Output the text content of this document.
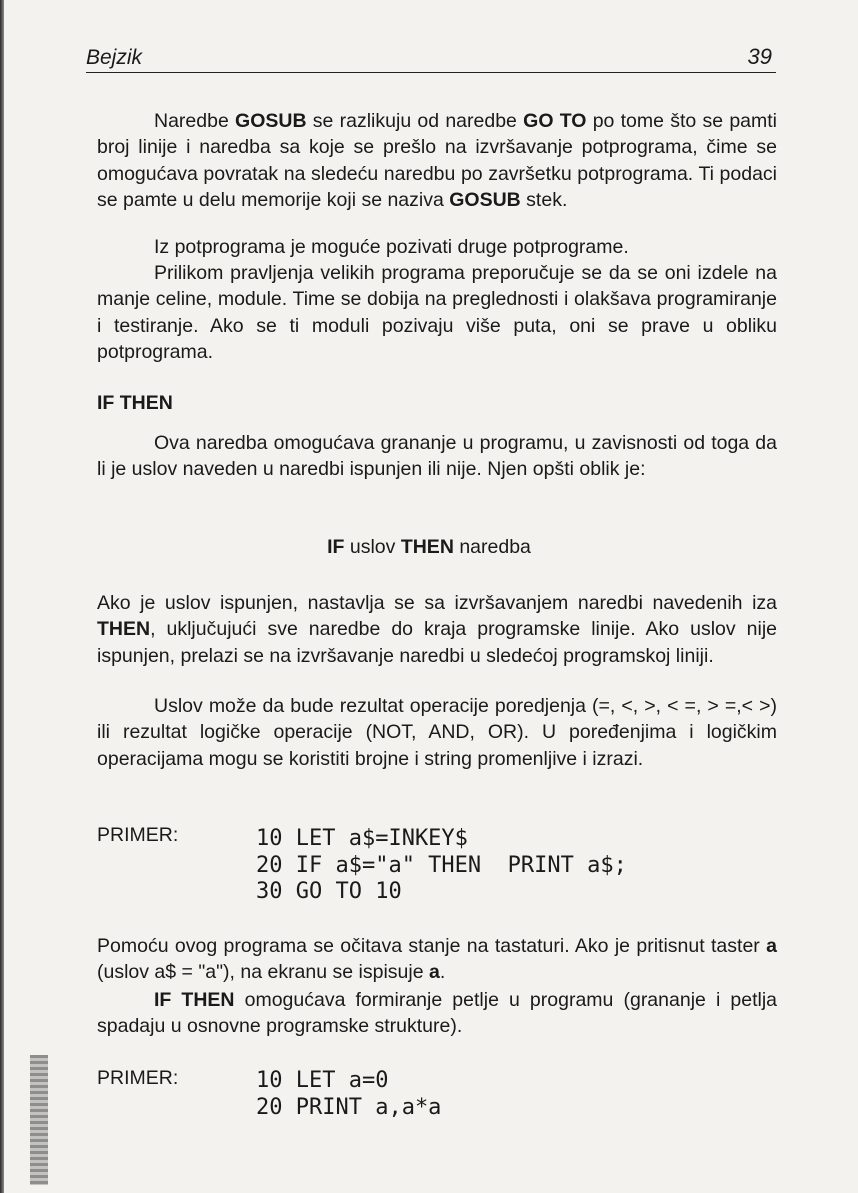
Bejzik	39

Naredbe GOSUB se razlikuju od naredbe GO TO po tome što se pamti broj linije i naredba sa koje se prešlo na izvršavanje potprograma, čime se omogućava povratak na sledeću naredbu po završetku potprograma. Ti podaci se pamte u delu memorije koji se naziva GOSUB stek.

Iz potprograma je moguće pozivati druge potprograme.

Prilikom pravljenja velikih programa preporučuje se da se oni izdele na manje celine, module. Time se dobija na preglednosti i olakšava programiranje i testiranje. Ako se ti moduli pozivaju više puta, oni se prave u obliku potprograma.

IF THEN

Ova naredba omogućava grananje u programu, u zavisnosti od toga da li je uslov naveden u naredbi ispunjen ili nije. Njen opšti oblik je:

IF uslov THEN naredba

Ako je uslov ispunjen, nastavlja se sa izvršavanjem naredbi navedenih iza THEN, uključujući sve naredbe do kraja programske linije. Ako uslov nije ispunjen, prelazi se na izvršavanje naredbi u sledećoj programskoj liniji.

Uslov može da bude rezultat operacije poredjenja (=, <, >, < =, > =,< >) ili rezultat logičke operacije (NOT, AND, OR). U poređenjima i logičkim operacijama mogu se koristiti brojne i string promenljive i izrazi.

PRIMER:	10 LET a$=INKEY$
20 IF a$="a" THEN  PRINT a$;
30 GO TO 10

Pomoću ovog programa se očitava stanje na tastaturi. Ako je pritisnut taster a (uslov a$ = "a"), na ekranu se ispisuje a.

IF THEN omogućava formiranje petlje u programu (grananje i petlja spadaju u osnovne programske strukture).

PRIMER:	10 LET a=0
20 PRINT a,a*a
